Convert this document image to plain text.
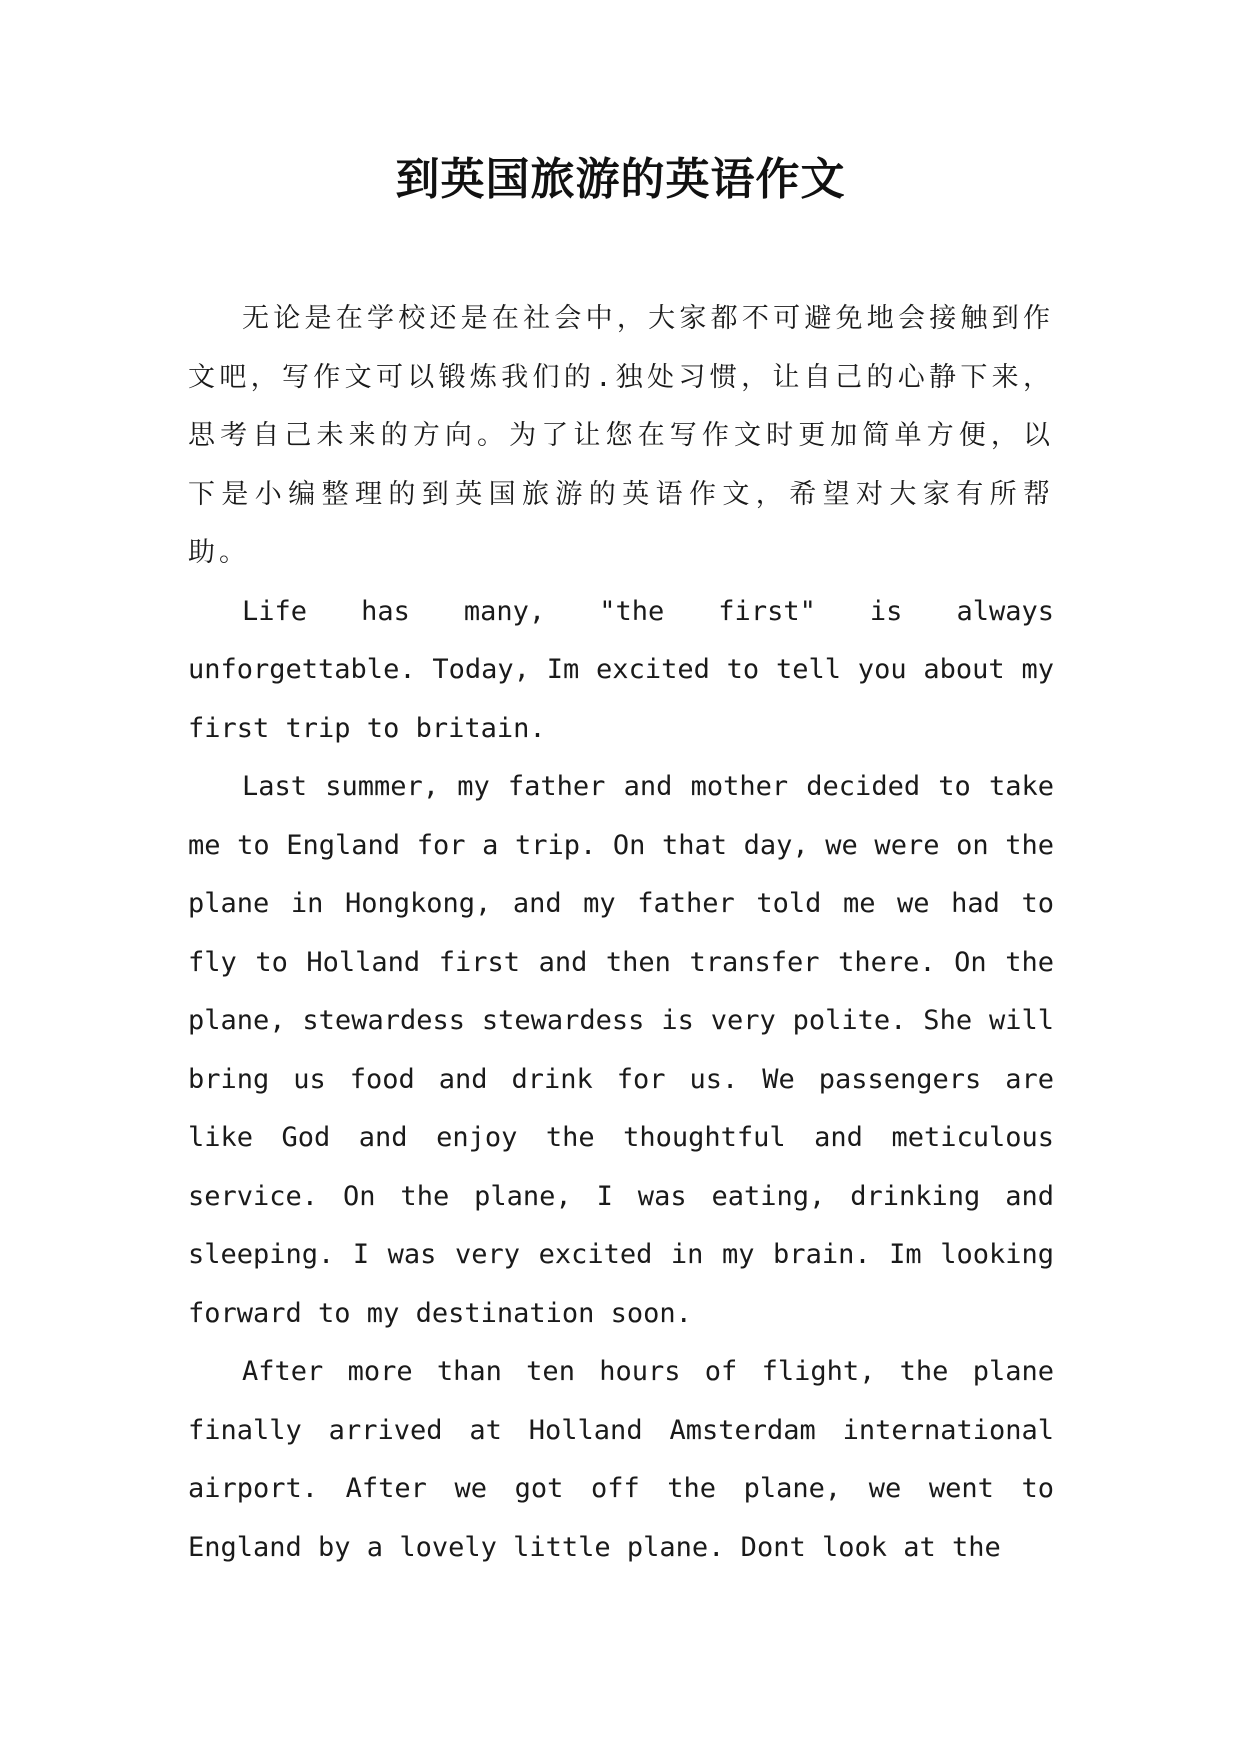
到英国旅游的英语作文

无论是在学校还是在社会中，大家都不可避免地会接触到作文吧，写作文可以锻炼我们的.独处习惯，让自己的心静下来，思考自己未来的方向。为了让您在写作文时更加简单方便，以下是小编整理的到英国旅游的英语作文，希望对大家有所帮助。

Life has many, "the first" is always unforgettable. Today, Im excited to tell you about my first trip to britain.

Last summer, my father and mother decided to take me to England for a trip. On that day, we were on the plane in Hongkong, and my father told me we had to fly to Holland first and then transfer there. On the plane, stewardess stewardess is very polite. She will bring us food and drink for us. We passengers are like God and enjoy the thoughtful and meticulous service. On the plane, I was eating, drinking and sleeping. I was very excited in my brain. Im looking forward to my destination soon.

After more than ten hours of flight, the plane finally arrived at Holland Amsterdam international airport. After we got off the plane, we went to England by a lovely little plane. Dont look at the
